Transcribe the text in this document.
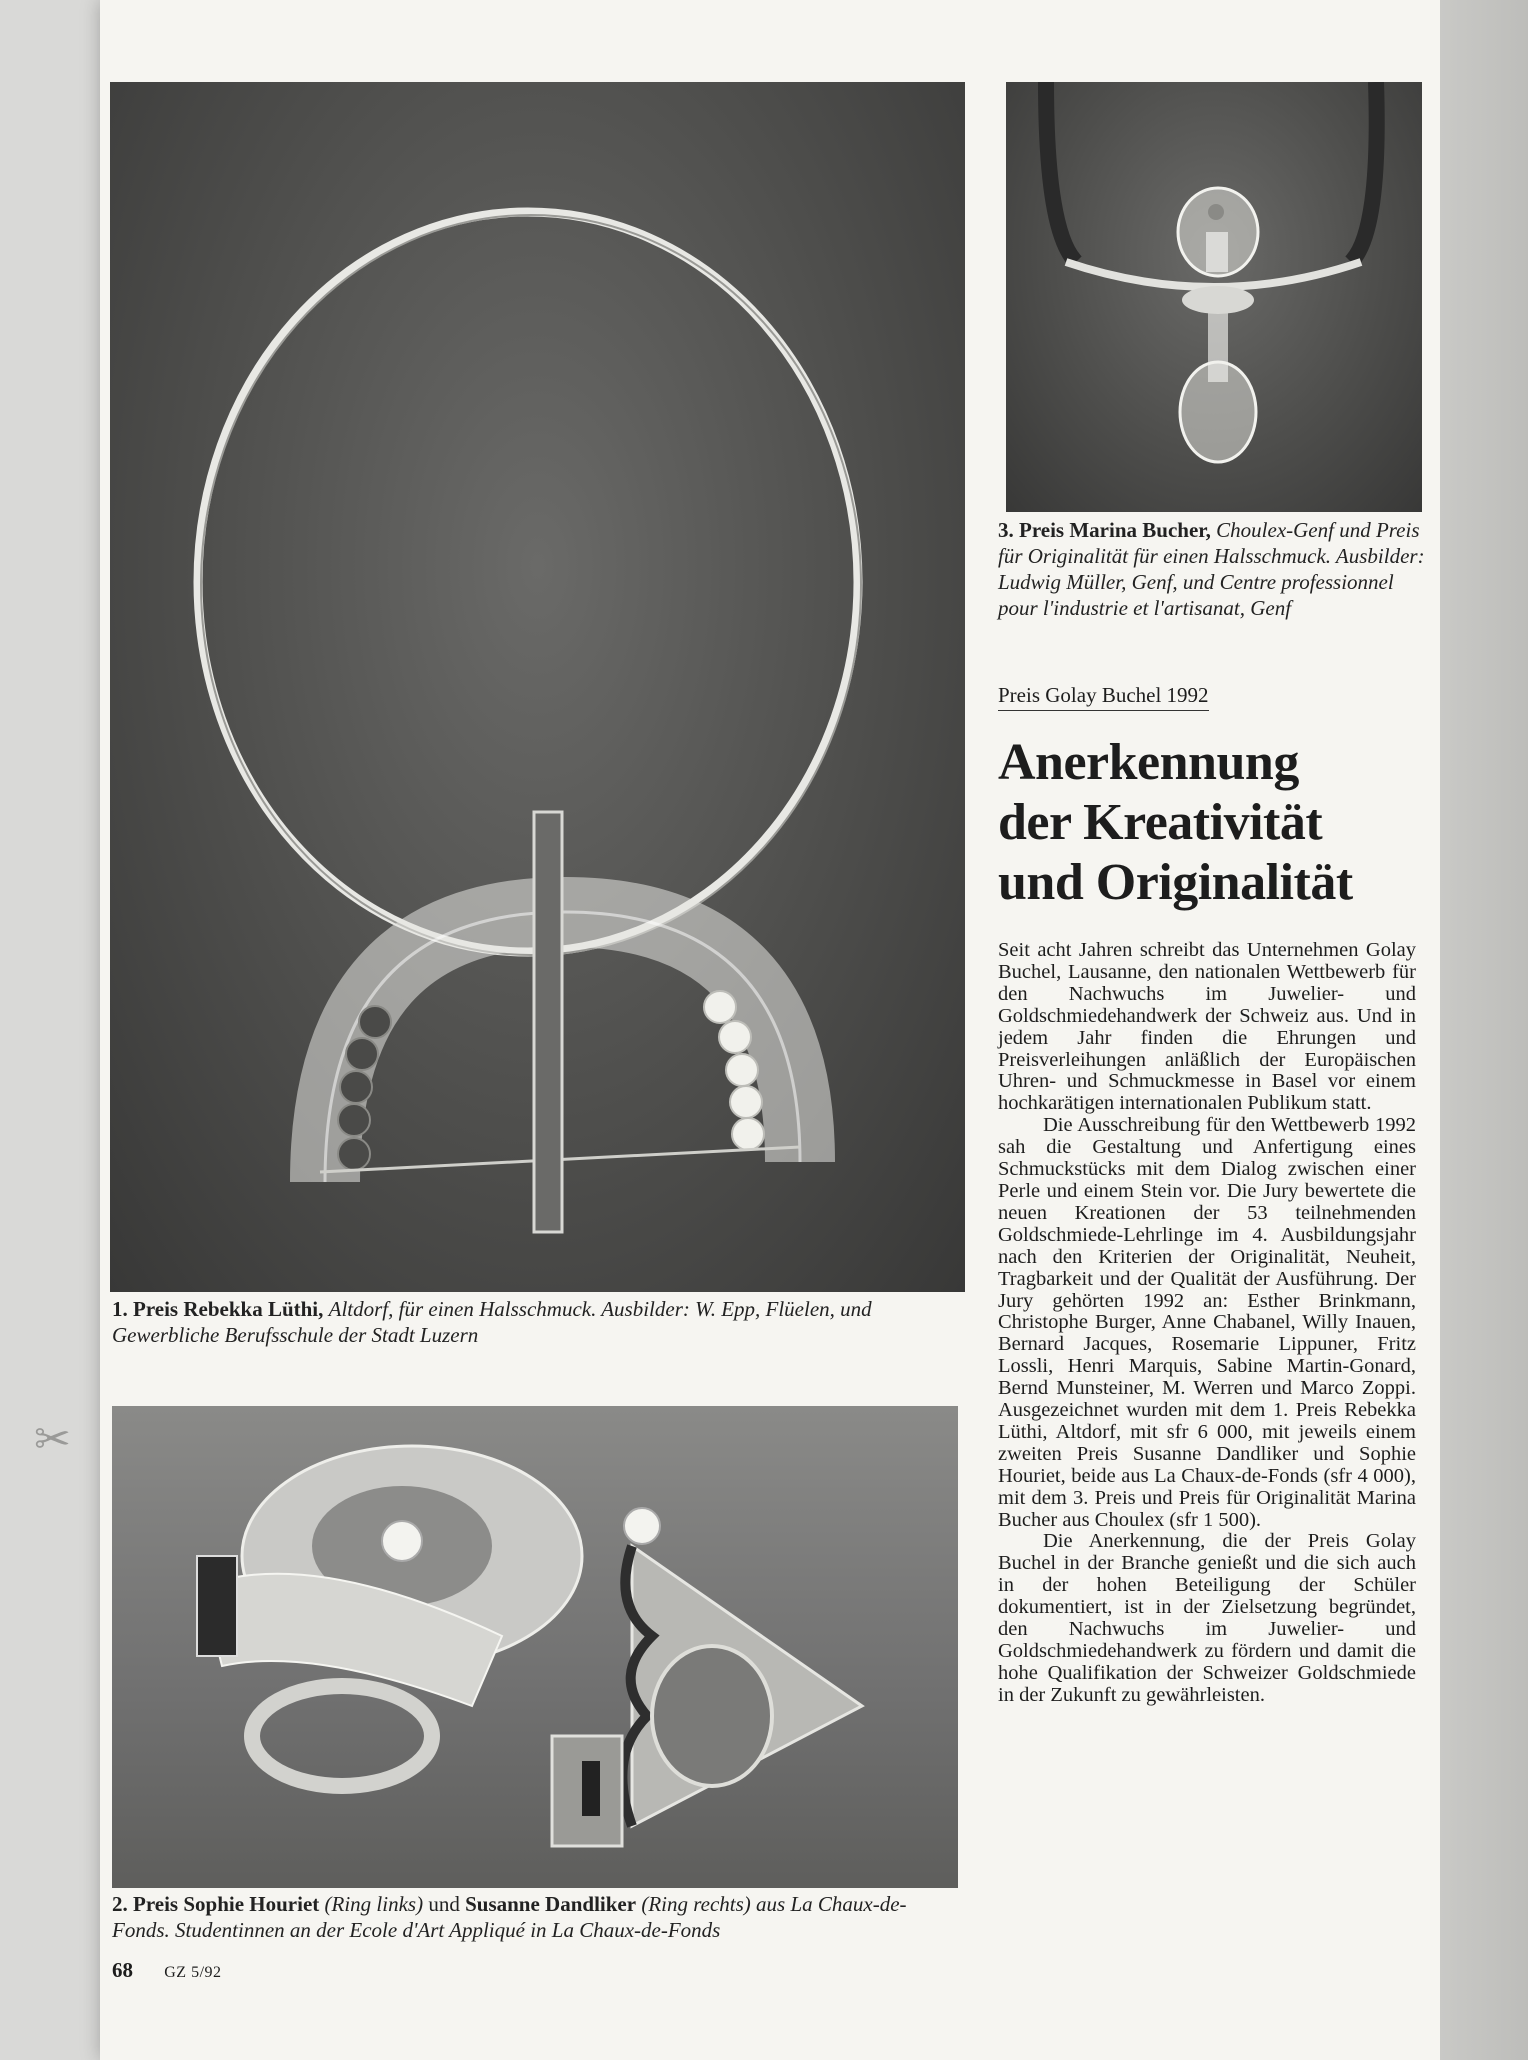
✂
1. Preis Rebekka Lüthi, Altdorf, für einen Halsschmuck. Ausbilder: W. Epp, Flüelen, und Gewerbliche Berufsschule der Stadt Luzern
3. Preis Marina Bucher, Choulex-Genf und Preis für Originalität für einen Halsschmuck. Ausbilder: Ludwig Müller, Genf, und Centre professionnel pour l'industrie et l'artisanat, Genf
2. Preis Sophie Houriet (Ring links) und Susanne Dandliker (Ring rechts) aus La Chaux-de-Fonds. Studentinnen an der Ecole d'Art Appliqué in La Chaux-de-Fonds
Preis Golay Buchel 1992
Anerkennung
der Kreativität
und Originalität

Seit acht Jahren schreibt das Unternehmen Golay Buchel, Lausanne, den nationalen Wettbewerb für den Nachwuchs im Juwelier- und Goldschmiedehandwerk der Schweiz aus. Und in jedem Jahr finden die Ehrungen und Preisverleihungen anläßlich der Europäischen Uhren- und Schmuckmesse in Basel vor einem hochkarätigen internationalen Publikum statt.

Die Ausschreibung für den Wettbewerb 1992 sah die Gestaltung und Anfertigung eines Schmuckstücks mit dem Dialog zwischen einer Perle und einem Stein vor. Die Jury bewertete die neuen Kreationen der 53 teilnehmenden Goldschmiede-Lehrlinge im 4. Ausbildungsjahr nach den Kriterien der Originalität, Neuheit, Tragbarkeit und der Qualität der Ausführung. Der Jury gehörten 1992 an: Esther Brinkmann, Christophe Burger, Anne Chabanel, Willy Inauen, Bernard Jacques, Rosemarie Lippuner, Fritz Lossli, Henri Marquis, Sabine Martin-Gonard, Bernd Munsteiner, M. Werren und Marco Zoppi. Ausgezeichnet wurden mit dem 1. Preis Rebekka Lüthi, Altdorf, mit sfr 6 000, mit jeweils einem zweiten Preis Susanne Dandliker und Sophie Houriet, beide aus La Chaux-de-Fonds (sfr 4 000), mit dem 3. Preis und Preis für Originalität Marina Bucher aus Choulex (sfr 1 500).

Die Anerkennung, die der Preis Golay Buchel in der Branche genießt und die sich auch in der hohen Beteiligung der Schüler dokumentiert, ist in der Zielsetzung begründet, den Nachwuchs im Juwelier- und Goldschmiedehandwerk zu fördern und damit die hohe Qualifikation der Schweizer Goldschmiede in der Zukunft zu gewährleisten.

68 GZ 5/92
